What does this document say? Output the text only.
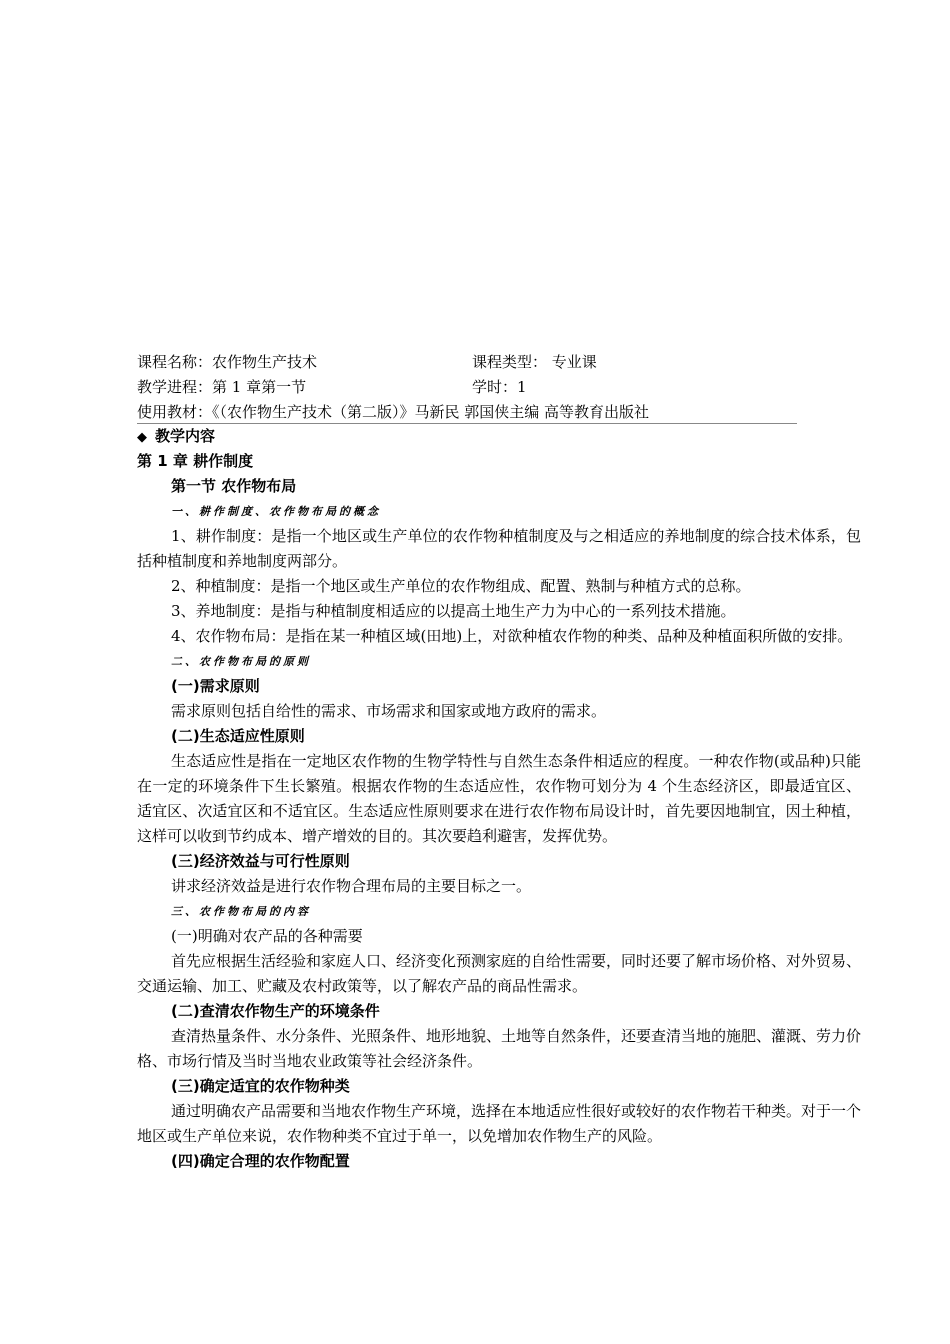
课程名称：农作物生产技术	课程类型： 专业课
教学进程：第 1 章第一节	学时：1
使用教材：《（农作物生产技术（第二版）》马新民 郭国侠主编 高等教育出版社
◆ 教学内容
第 1 章 耕作制度
第一节 农作物布局
一、耕作制度、农作物布局的概念

1、耕作制度：是指一个地区或生产单位的农作物种植制度及与之相适应的养地制度的综合技术体系，包括种植制度和养地制度两部分。

2、种植制度：是指一个地区或生产单位的农作物组成、配置、熟制与种植方式的总称。

3、养地制度：是指与种植制度相适应的以提高土地生产力为中心的一系列技术措施。

4、农作物布局：是指在某一种植区域(田地)上，对欲种植农作物的种类、品种及种植面积所做的安排。

二、农作物布局的原则
(一)需求原则

需求原则包括自给性的需求、市场需求和国家或地方政府的需求。

(二)生态适应性原则

生态适应性是指在一定地区农作物的生物学特性与自然生态条件相适应的程度。一种农作物(或品种)只能在一定的环境条件下生长繁殖。根据农作物的生态适应性，农作物可划分为 4 个生态经济区，即最适宜区、适宜区、次适宜区和不适宜区。生态适应性原则要求在进行农作物布局设计时，首先要因地制宜，因土种植，这样可以收到节约成本、增产增效的目的。其次要趋利避害，发挥优势。

(三)经济效益与可行性原则

讲求经济效益是进行农作物合理布局的主要目标之一。

三、农作物布局的内容
(一)明确对农产品的各种需要

首先应根据生活经验和家庭人口、经济变化预测家庭的自给性需要，同时还要了解市场价格、对外贸易、交通运输、加工、贮藏及农村政策等，以了解农产品的商品性需求。

(二)查清农作物生产的环境条件

查清热量条件、水分条件、光照条件、地形地貌、土地等自然条件，还要查清当地的施肥、灌溉、劳力价格、市场行情及当时当地农业政策等社会经济条件。

(三)确定适宜的农作物种类

通过明确农产品需要和当地农作物生产环境，选择在本地适应性很好或较好的农作物若干种类。对于一个地区或生产单位来说，农作物种类不宜过于单一，以免增加农作物生产的风险。

(四)确定合理的农作物配置
